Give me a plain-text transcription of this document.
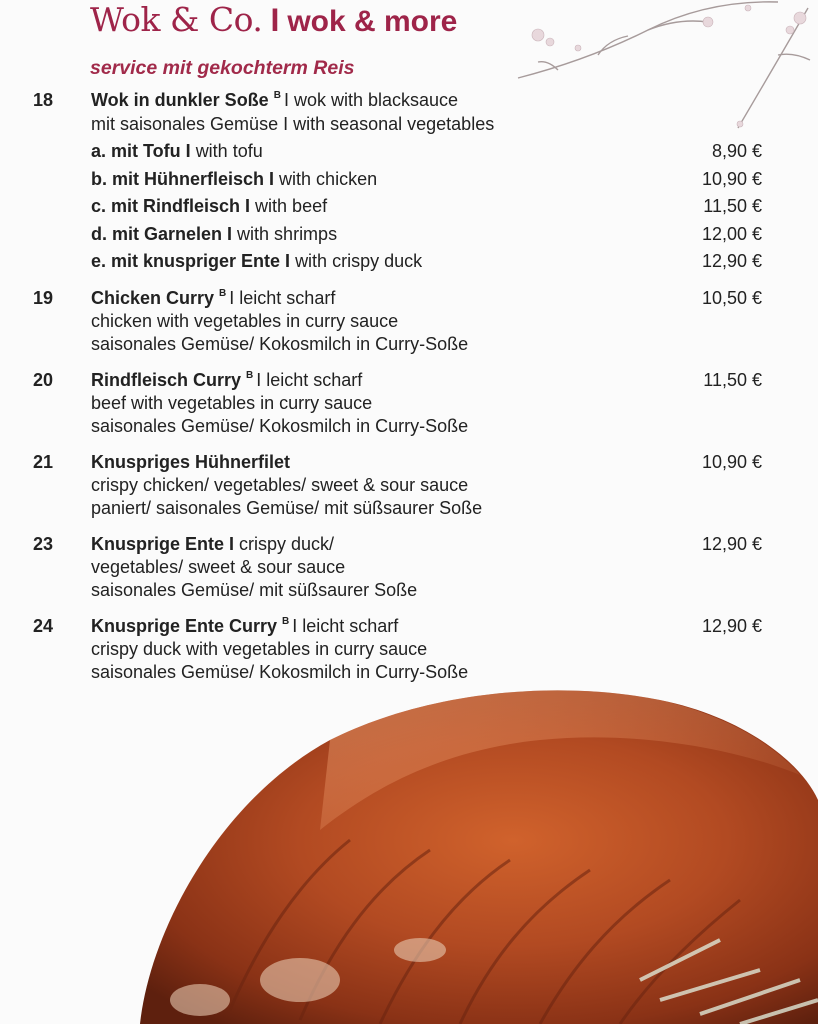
Wok & Co. I wok & more
service mit gekochterm Reis
18 Wok in dunkler Soße $^B$ I wok with blacksauce
mit saisonales Gemüse I with seasonal vegetables
a. mit Tofu I with tofu	8,90 €
b. mit Hühnerfleisch I with chicken	10,90 €
c. mit Rindfleisch I with beef	11,50 €
d. mit Garnelen I with shrimps	12,00 €
e. mit knuspriger Ente I with crispy duck	12,90 €
19 Chicken Curry $^B$ I leicht scharf	10,50 €
chicken with vegetables in curry sauce
saisonales Gemüse/ Kokosmilch in Curry-Soße
20 Rindfleisch Curry $^B$ I leicht scharf	11,50 €
beef with vegetables in curry sauce
saisonales Gemüse/ Kokosmilch in Curry-Soße
21 Knuspriges Hühnerfilet	10,90 €
crispy chicken/ vegetables/ sweet & sour sauce
paniert/ saisonales Gemüse/ mit süßsaurer Soße
23 Knusprige Ente I crispy duck/	12,90 €
vegetables/ sweet & sour sauce
saisonales Gemüse/ mit süßsaurer Soße
24 Knusprige Ente Curry $^B$ I leicht scharf	12,90 €
crispy duck with vegetables in curry sauce
saisonales Gemüse/ Kokosmilch in Curry-Soße
